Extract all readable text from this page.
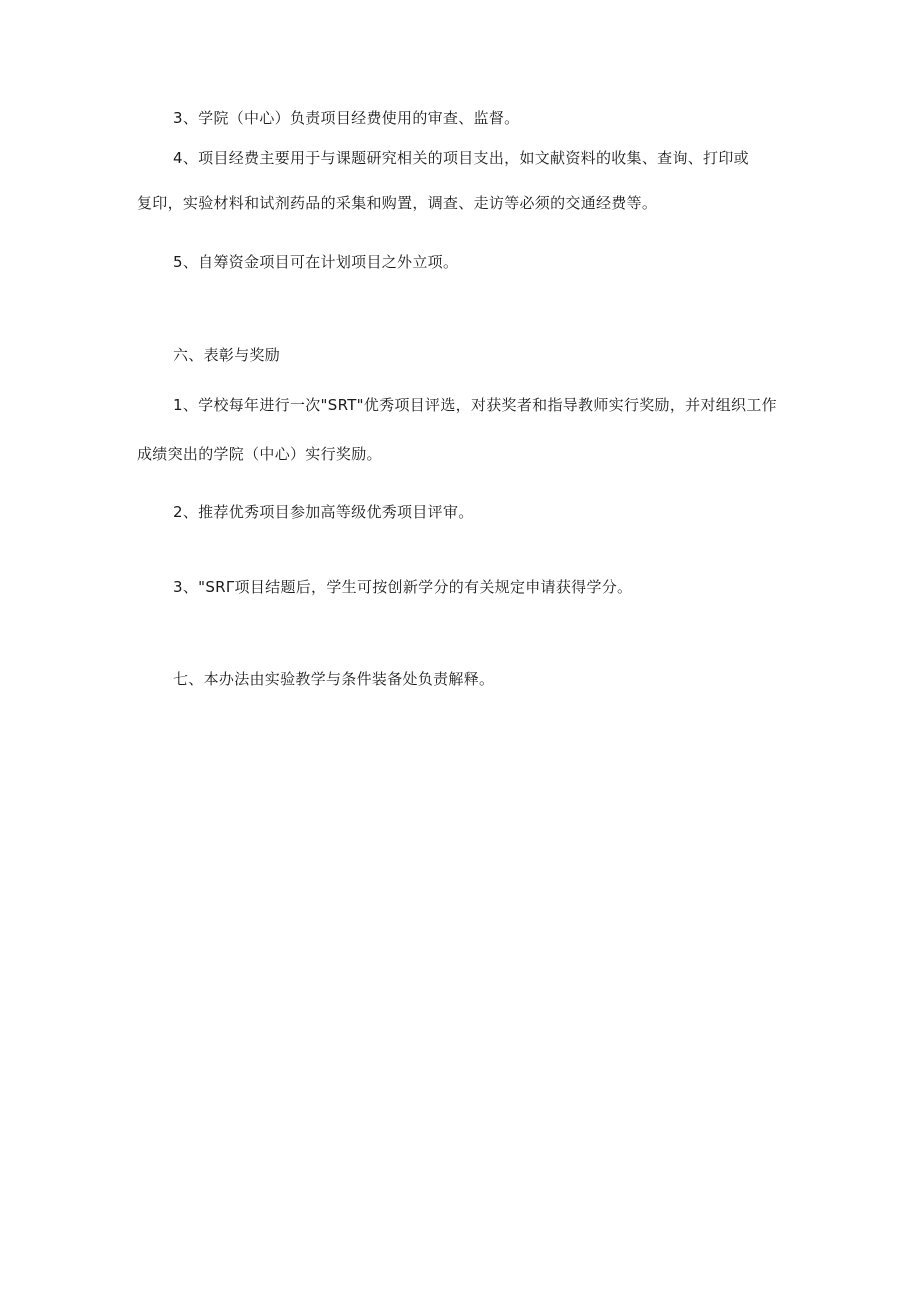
3、学院（中心）负责项目经费使用的审查、监督。
4、项目经费主要用于与课题研究相关的项目支出，如文献资料的收集、查询、打印或
复印，实验材料和试剂药品的采集和购置，调查、走访等必须的交通经费等。
5、自筹资金项目可在计划项目之外立项。
六、表彰与奖励
1、学校每年进行一次"SRT"优秀项目评选，对获奖者和指导教师实行奖励，并对组织工作
成绩突出的学院（中心）实行奖励。
2、推荐优秀项目参加高等级优秀项目评审。
3、"SRΓ项目结题后，学生可按创新学分的有关规定申请获得学分。
七、本办法由实验教学与条件装备处负责解释。
